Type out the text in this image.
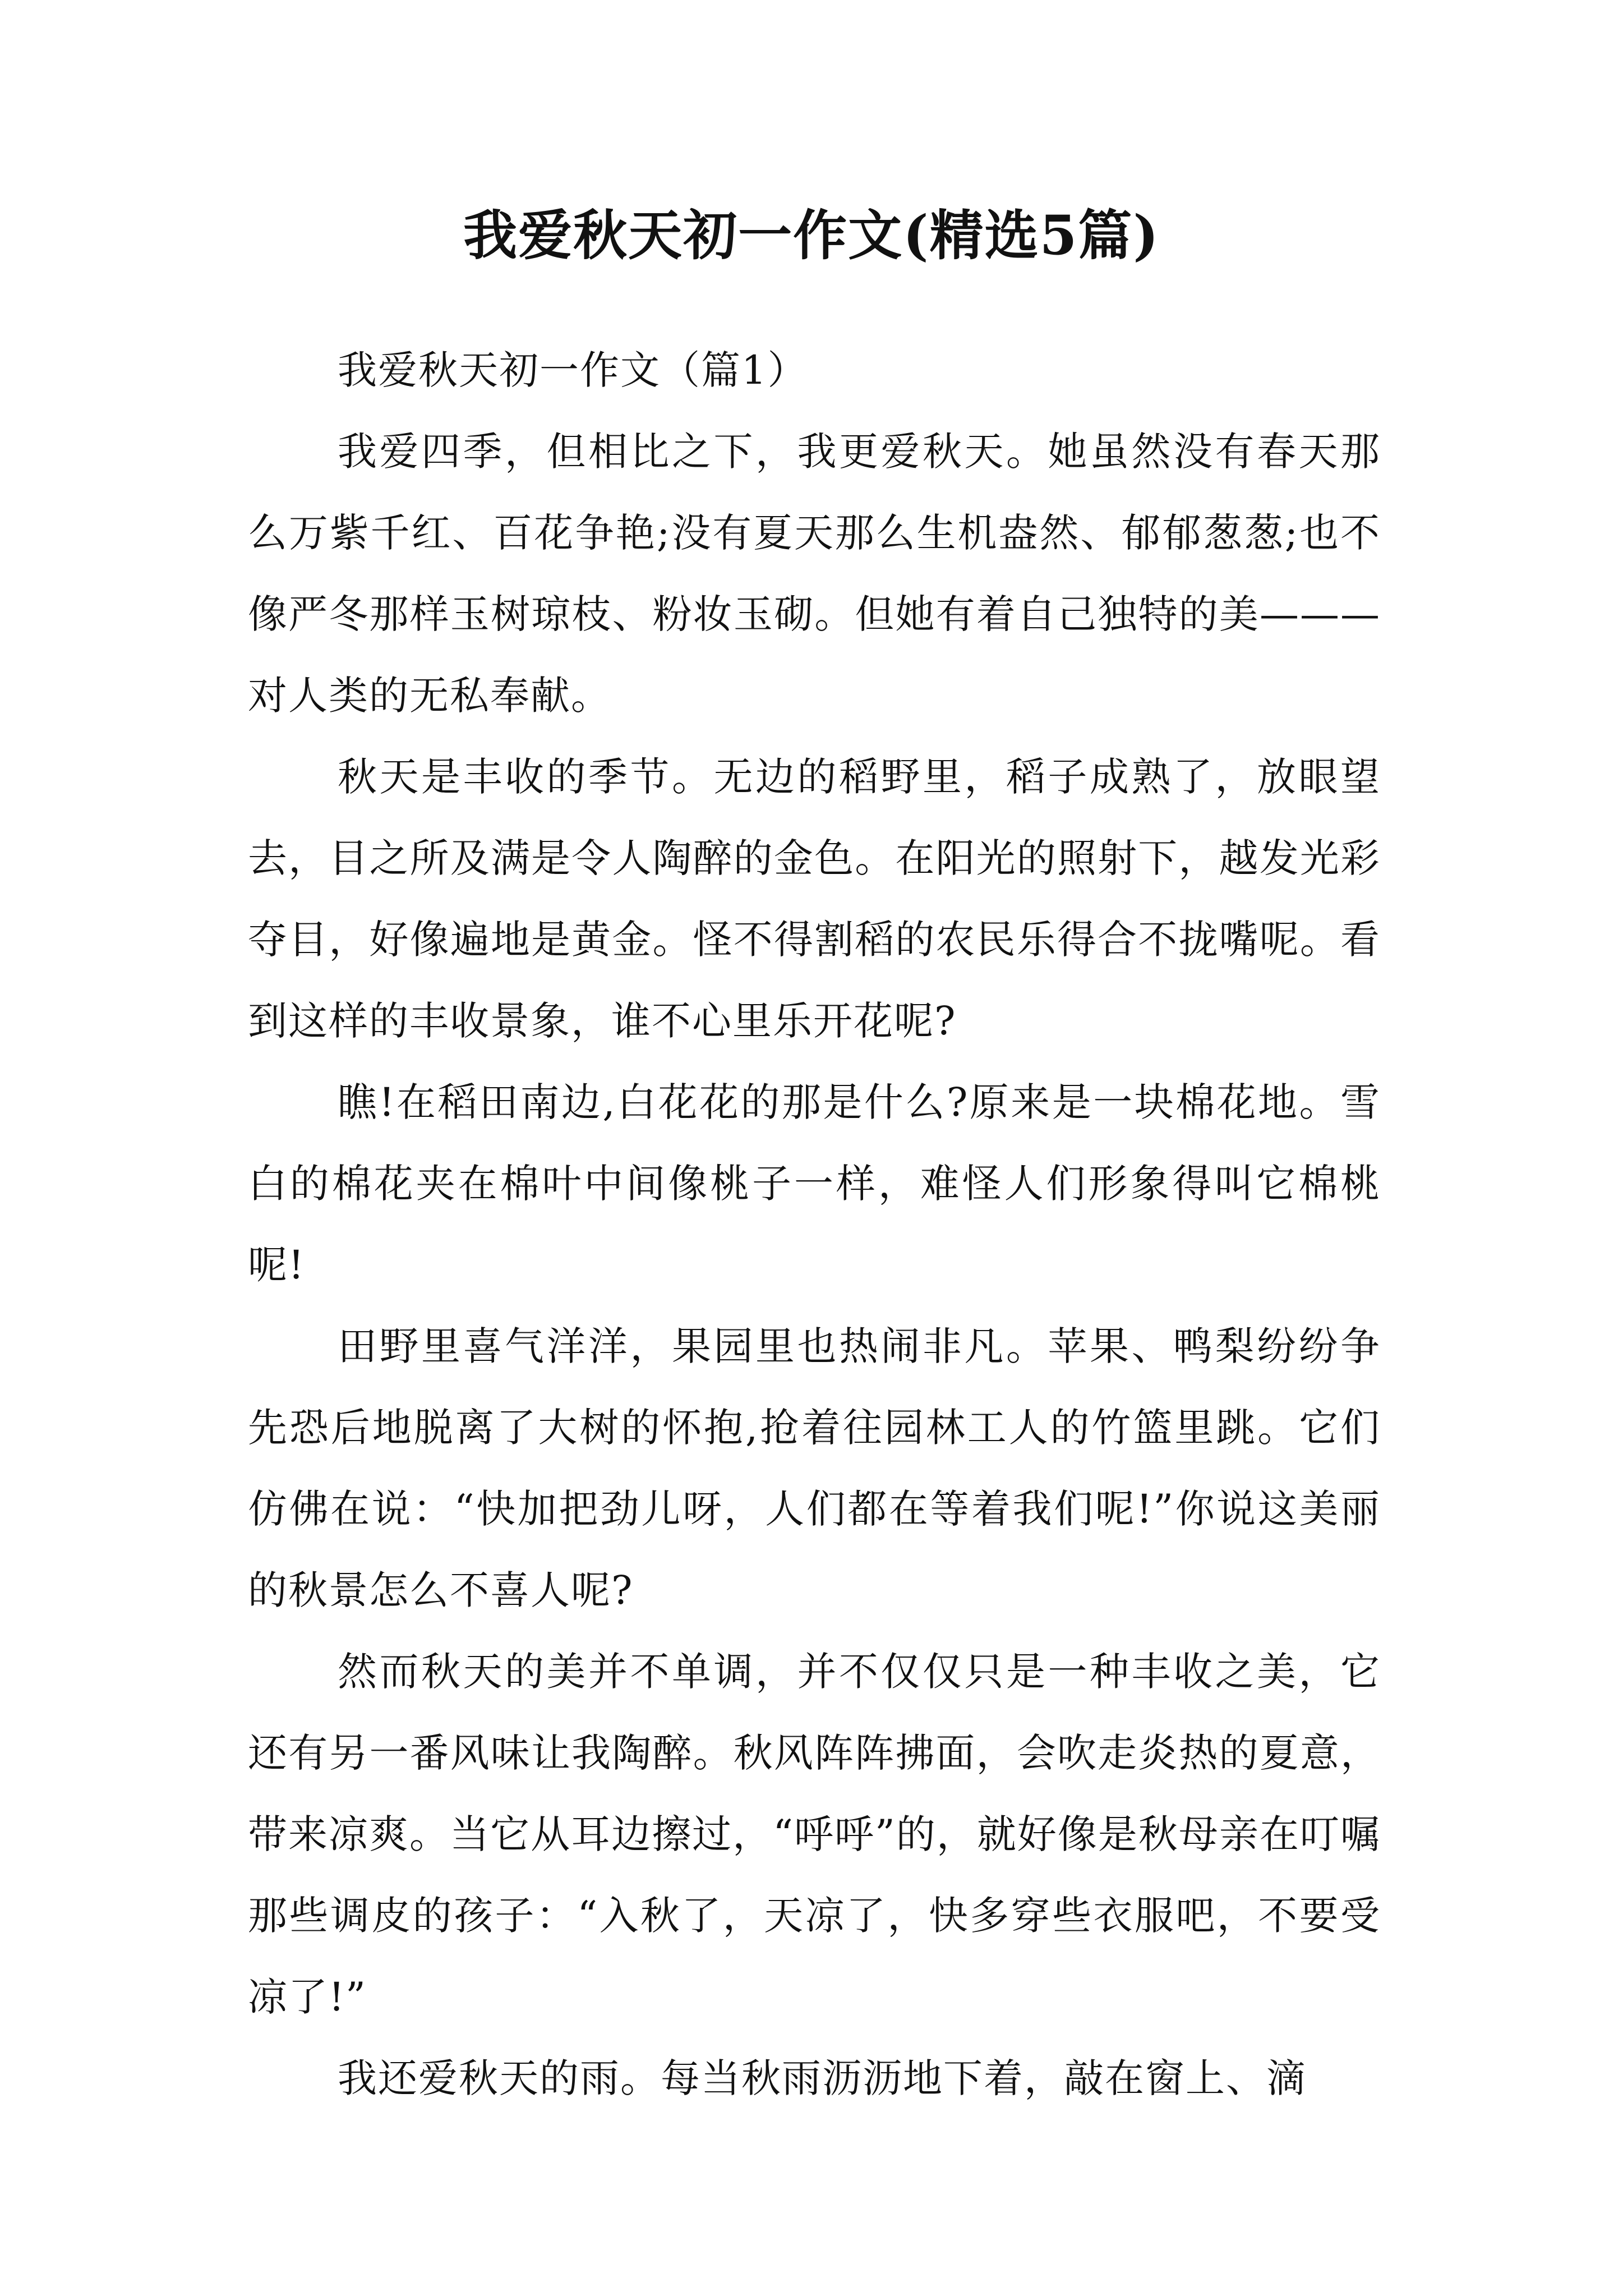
我爱秋天初一作文(精选5篇)

我爱秋天初一作文（篇1）

我爱四季，但相比之下，我更爱秋天。她虽然没有春天那么万紫千红、百花争艳;没有夏天那么生机盎然、郁郁葱葱;也不像严冬那样玉树琼枝、粉妆玉砌。但她有着自己独特的美———对人类的无私奉献。

秋天是丰收的季节。无边的稻野里，稻子成熟了，放眼望去，目之所及满是令人陶醉的金色。在阳光的照射下，越发光彩夺目，好像遍地是黄金。怪不得割稻的农民乐得合不拢嘴呢。看到这样的丰收景象，谁不心里乐开花呢?

瞧!在稻田南边,白花花的那是什么?原来是一块棉花地。雪白的棉花夹在棉叶中间像桃子一样，难怪人们形象得叫它棉桃呢!

田野里喜气洋洋，果园里也热闹非凡。苹果、鸭梨纷纷争先恐后地脱离了大树的怀抱,抢着往园林工人的竹篮里跳。它们仿佛在说：“快加把劲儿呀，人们都在等着我们呢!”你说这美丽的秋景怎么不喜人呢?

然而秋天的美并不单调，并不仅仅只是一种丰收之美，它还有另一番风味让我陶醉。秋风阵阵拂面，会吹走炎热的夏意，带来凉爽。当它从耳边擦过，“呼呼”的，就好像是秋母亲在叮嘱那些调皮的孩子：“入秋了，天凉了，快多穿些衣服吧，不要受凉了!”

我还爱秋天的雨。每当秋雨沥沥地下着，敲在窗上、滴
